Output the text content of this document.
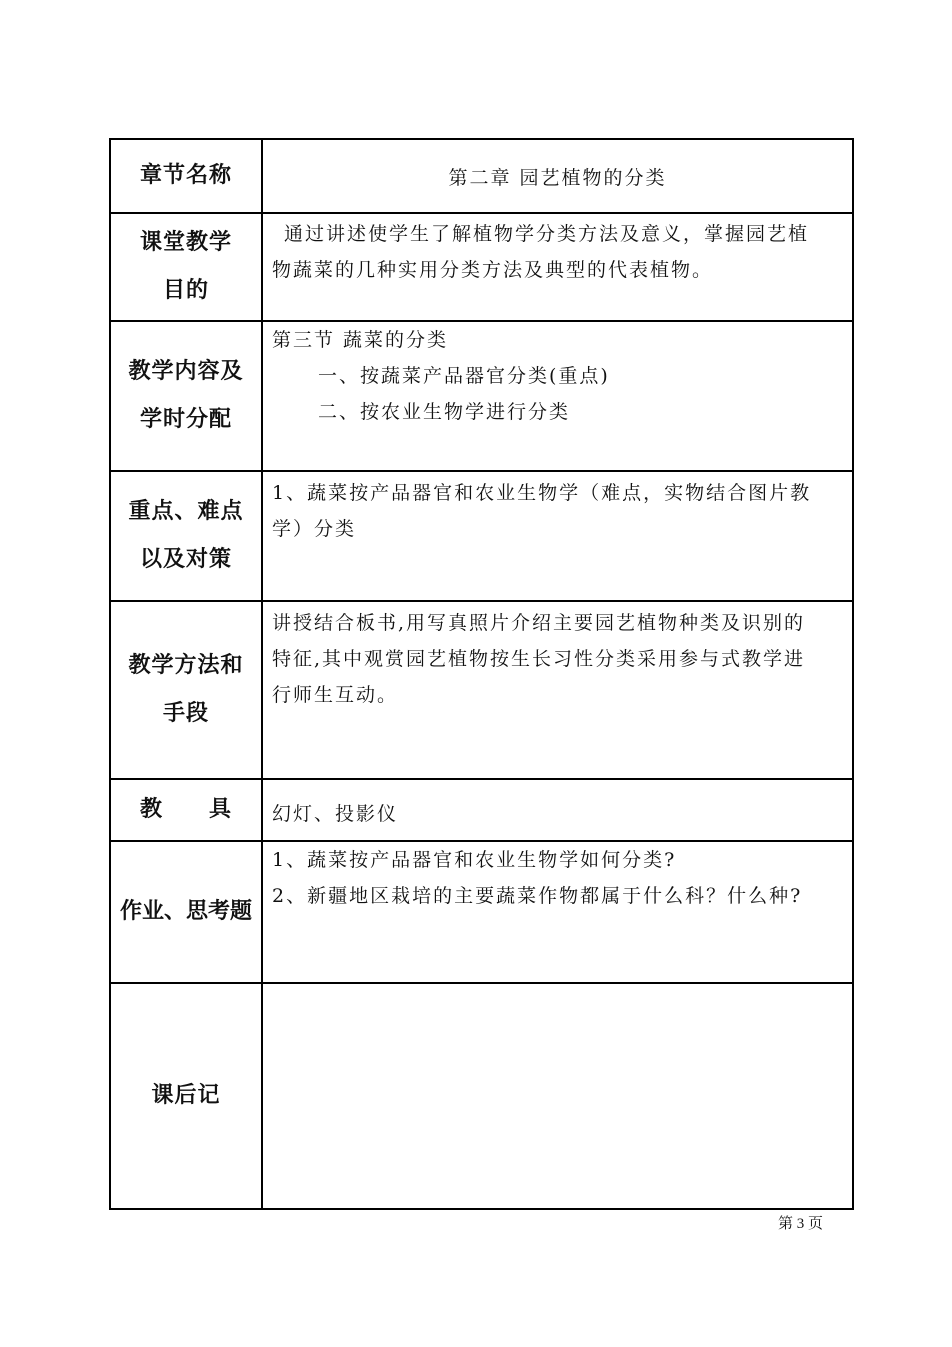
章节名称	第二章 园艺植物的分类

课堂教学
目的	通过讲述使学生了解植物学分类方法及意义，掌握园艺植
物蔬菜的几种实用分类方法及典型的代表植物。

教学内容及
学时分配	第三节 蔬菜的分类
一、按蔬菜产品器官分类(重点)
二、按农业生物学进行分类

重点、难点
以及对策	1、蔬菜按产品器官和农业生物学（难点，实物结合图片教
学）分类

教学方法和
手段	讲授结合板书,用写真照片介绍主要园艺植物种类及识别的
特征,其中观赏园艺植物按生长习性分类采用参与式教学进
行师生互动。

教 具	幻灯、投影仪

作业、思考题	1、蔬菜按产品器官和农业生物学如何分类?
2、新疆地区栽培的主要蔬菜作物都属于什么科？什么种?

课后记	

第 3 页
